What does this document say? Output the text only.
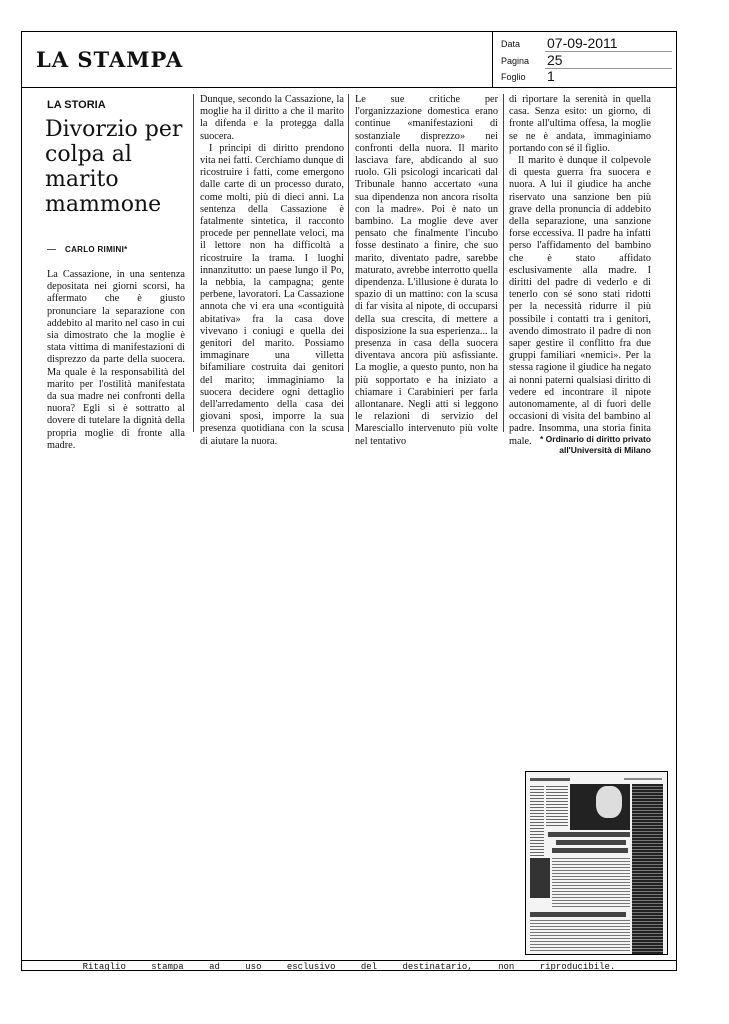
LA STAMPA
Data 07-09-2011
Pagina 25
Foglio 1
LA STORIA
Divorzio per colpa al marito mammone
CARLO RIMINI*

La Cassazione, in una sentenza depositata nei giorni scorsi, ha affermato che è giusto pronunciare la separazione con addebito al marito nel caso in cui sia dimostrato che la moglie è stata vittima di manifestazioni di disprezzo da parte della suocera. Ma quale è la responsabilità del marito per l'ostilità manifestata da sua madre nei confronti della nuora? Egli si è sottratto al dovere di tutelare la dignità della propria moglie di fronte alla madre.

Dunque, secondo la Cassazione, la moglie ha il diritto a che il marito la difenda e la protegga dalla suocera.

I principi di diritto prendono vita nei fatti. Cerchiamo dunque di ricostruire i fatti, come emergono dalle carte di un processo durato, come molti, più di dieci anni. La sentenza della Cassazione è fatalmente sintetica, il racconto procede per pennellate veloci, ma il lettore non ha difficoltà a ricostruire la trama. I luoghi innanzitutto: un paese lungo il Po, la nebbia, la campagna; gente perbene, lavoratori. La Cassazione annota che vi era una «contiguità abitativa» fra la casa dove vivevano i coniugi e quella dei genitori del marito. Possiamo immaginare una villetta bifamiliare costruita dai genitori del marito; immaginiamo la suocera decidere ogni dettaglio dell'arredamento della casa dei giovani sposi, imporre la sua presenza quotidiana con la scusa di aiutare la nuora.

Le sue critiche per l'organizzazione domestica erano continue «manifestazioni di sostanziale disprezzo» nei confronti della nuora. Il marito lasciava fare, abdicando al suo ruolo. Gli psicologi incaricati dal Tribunale hanno accertato «una sua dipendenza non ancora risolta con la madre». Poi è nato un bambino. La moglie deve aver pensato che finalmente l'incubo fosse destinato a finire, che suo marito, diventato padre, sarebbe maturato, avrebbe interrotto quella dipendenza. L'illusione è durata lo spazio di un mattino: con la scusa di far visita al nipote, di occuparsi della sua crescita, di mettere a disposizione la sua esperienza... la presenza in casa della suocera diventava ancora più asfissiante. La moglie, a questo punto, non ha più sopportato e ha iniziato a chiamare i Carabinieri per farla allontanare. Negli atti si leggono le relazioni di servizio del Maresciallo intervenuto più volte nel tentativo

di riportare la serenità in quella casa. Senza esito: un giorno, di fronte all'ultima offesa, la moglie se ne è andata, immaginiamo portando con sé il figlio.

Il marito è dunque il colpevole di questa guerra fra suocera e nuora. A lui il giudice ha anche riservato una sanzione ben più grave della pronuncia di addebito della separazione, una sanzione forse eccessiva. Il padre ha infatti perso l'affidamento del bambino che è stato affidato esclusivamente alla madre. I diritti del padre di vederlo e di tenerlo con sé sono stati ridotti per la necessità ridurre il più possibile i contatti tra i genitori, avendo dimostrato il padre di non saper gestire il conflitto fra due gruppi familiari «nemici». Per la stessa ragione il giudice ha negato ai nonni paterni qualsiasi diritto di vedere ed incontrare il nipote autonomamente, al di fuori delle occasioni di visita del bambino al padre. Insomma, una storia finita male. * Ordinario di diritto privato all'Università di Milano
Ritaglio stampa ad uso esclusivo del destinatario, non riproducibile.
